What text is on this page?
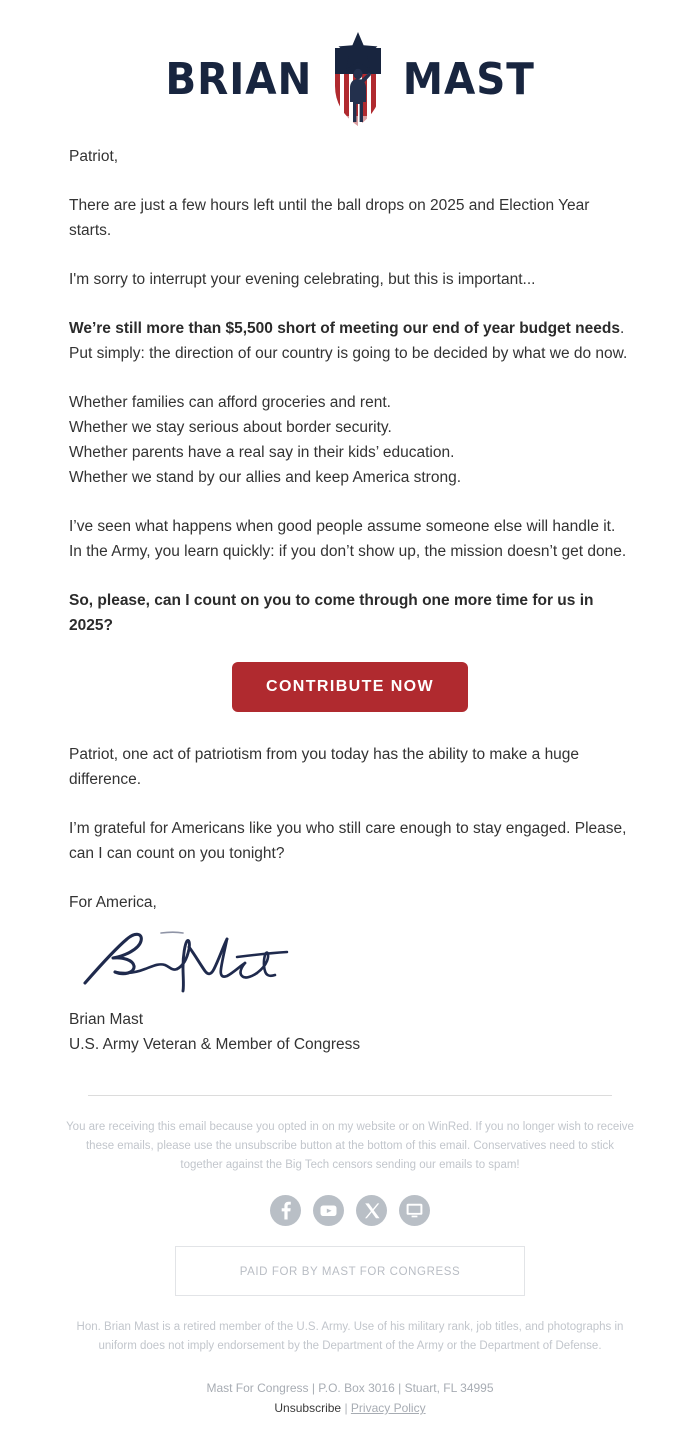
BRIAN MAST

Patriot,

There are just a few hours left until the ball drops on 2025 and Election Year starts.

I'm sorry to interrupt your evening celebrating, but this is important...

We’re still more than $5,500 short of meeting our end of year budget needs. Put simply: the direction of our country is going to be decided by what we do now.

Whether families can afford groceries and rent.

Whether we stay serious about border security.

Whether parents have a real say in their kids’ education.

Whether we stand by our allies and keep America strong.

I’ve seen what happens when good people assume someone else will handle it. In the Army, you learn quickly: if you don’t show up, the mission doesn’t get done.

So, please, can I count on you to come through one more time for us in 2025?

CONTRIBUTE NOW

Patriot, one act of patriotism from you today has the ability to make a huge difference.

I’m grateful for Americans like you who still care enough to stay engaged. Please, can I can count on you tonight?

For America,

Brian Mast
U.S. Army Veteran & Member of Congress
You are receiving this email because you opted in on my website or on WinRed. If you no longer wish to receive these emails, please use the unsubscribe button at the bottom of this email. Conservatives need to stick together against the Big Tech censors sending our emails to spam!

PAID FOR BY MAST FOR CONGRESS
Hon. Brian Mast is a retired member of the U.S. Army. Use of his military rank, job titles, and photographs in uniform does not imply endorsement by the Department of the Army or the Department of Defense.
Mast For Congress | P.O. Box 3016 | Stuart, FL 34995
Unsubscribe | Privacy Policy
